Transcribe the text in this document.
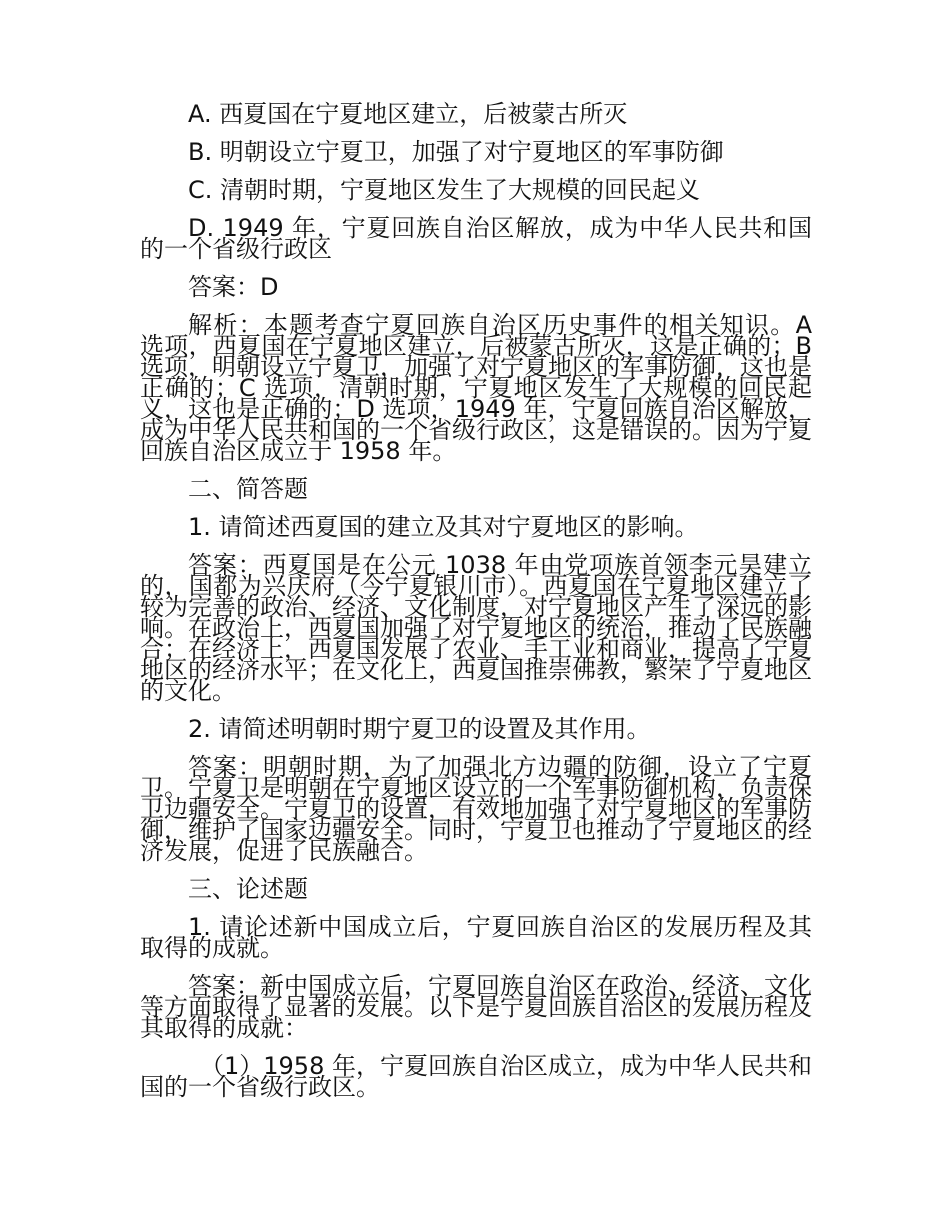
A. 西夏国在宁夏地区建立，后被蒙古所灭

B. 明朝设立宁夏卫，加强了对宁夏地区的军事防御

C. 清朝时期，宁夏地区发生了大规模的回民起义

D. 1949 年，宁夏回族自治区解放，成为中华人民共和国的一个省级行政区

答案：D

解析：本题考查宁夏回族自治区历史事件的相关知识。A 选项，西夏国在宁夏地区建立，后被蒙古所灭，这是正确的；B 选项，明朝设立宁夏卫，加强了对宁夏地区的军事防御，这也是正确的；C 选项，清朝时期，宁夏地区发生了大规模的回民起义，这也是正确的；D 选项，1949 年，宁夏回族自治区解放，成为中华人民共和国的一个省级行政区，这是错误的。因为宁夏回族自治区成立于 1958 年。

二、简答题

1. 请简述西夏国的建立及其对宁夏地区的影响。

答案：西夏国是在公元 1038 年由党项族首领李元昊建立的，国都为兴庆府（今宁夏银川市）。西夏国在宁夏地区建立了较为完善的政治、经济、文化制度，对宁夏地区产生了深远的影响。在政治上，西夏国加强了对宁夏地区的统治，推动了民族融合；在经济上，西夏国发展了农业、手工业和商业，提高了宁夏地区的经济水平；在文化上，西夏国推崇佛教，繁荣了宁夏地区的文化。

2. 请简述明朝时期宁夏卫的设置及其作用。

答案：明朝时期，为了加强北方边疆的防御，设立了宁夏卫。宁夏卫是明朝在宁夏地区设立的一个军事防御机构，负责保卫边疆安全。宁夏卫的设置，有效地加强了对宁夏地区的军事防御，维护了国家边疆安全。同时，宁夏卫也推动了宁夏地区的经济发展，促进了民族融合。

三、论述题

1. 请论述新中国成立后，宁夏回族自治区的发展历程及其取得的成就。

答案：新中国成立后，宁夏回族自治区在政治、经济、文化等方面取得了显著的发展。以下是宁夏回族自治区的发展历程及其取得的成就：

（1）1958 年，宁夏回族自治区成立，成为中华人民共和国的一个省级行政区。
